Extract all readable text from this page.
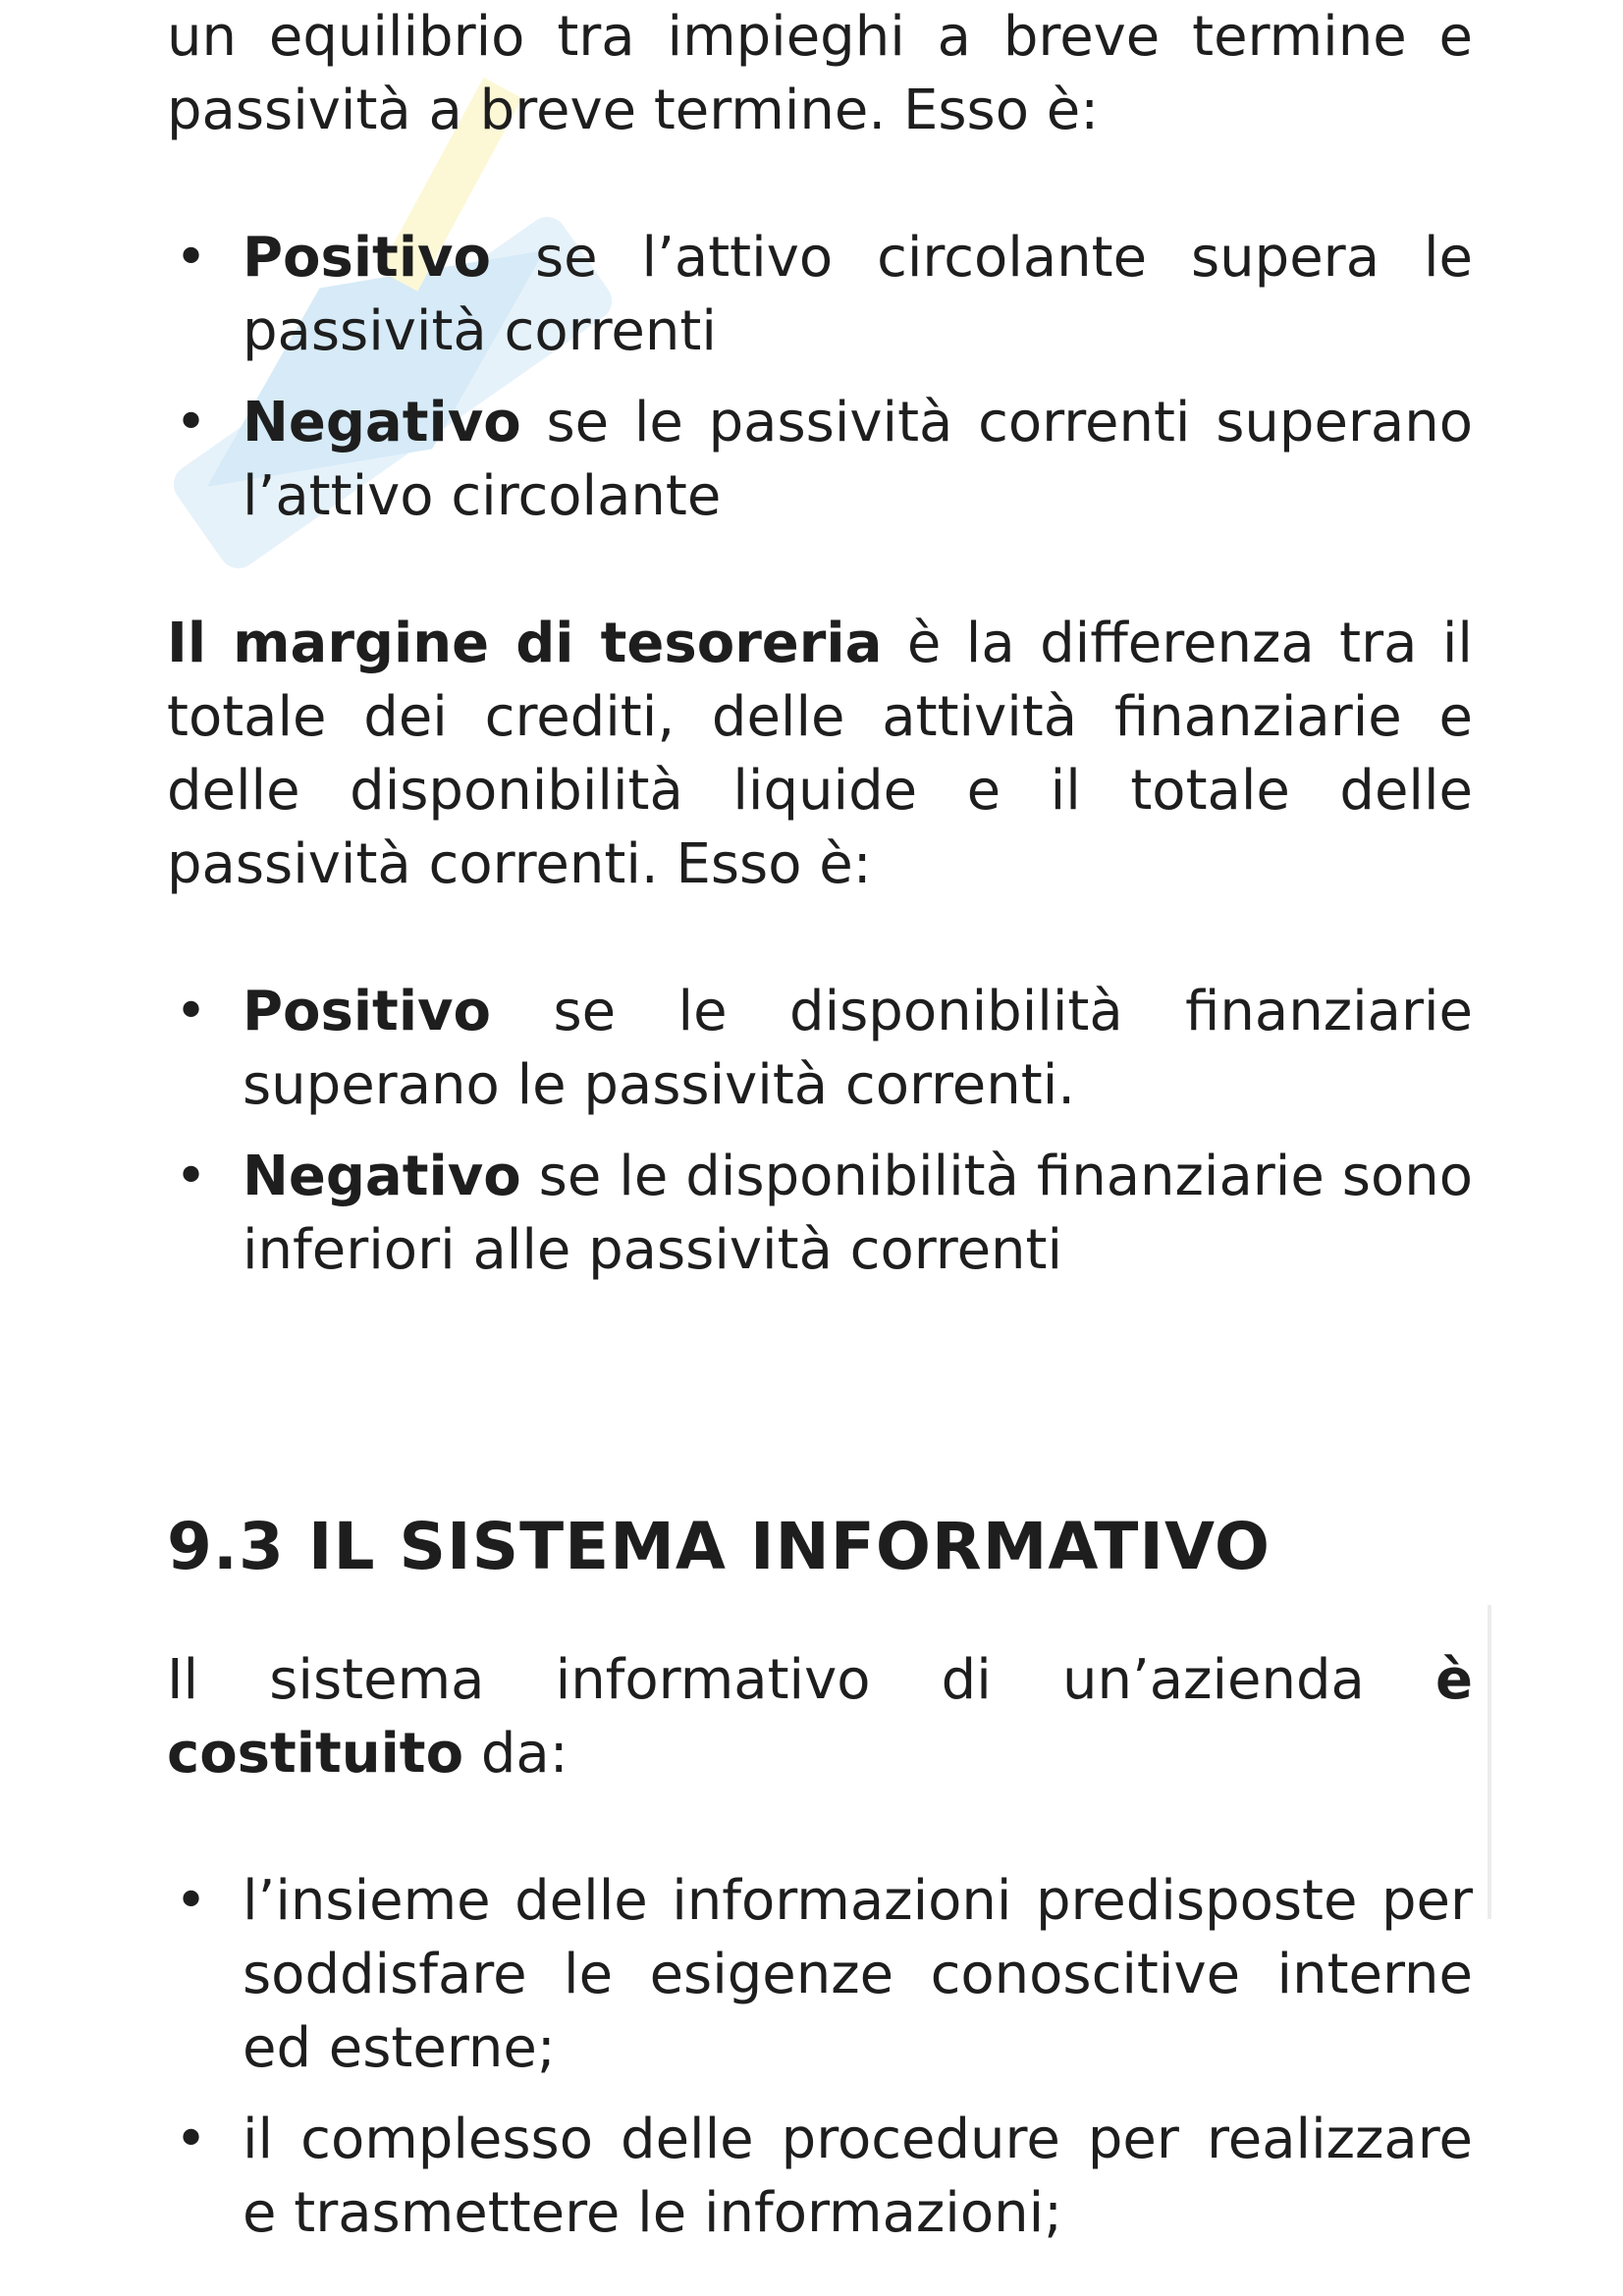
un equilibrio tra impieghi a breve termine e passività a breve termine. Esso è:

• Positivo se l’attivo circolante supera le passività correnti
• Negativo se le passività correnti superano l’attivo circolante

Il margine di tesoreria è la differenza tra il totale dei crediti, delle attività finanziarie e delle disponibilità liquide e il totale delle passività correnti. Esso è:

• Positivo se le disponibilità finanziarie superano le passività correnti.
• Negativo se le disponibilità finanziarie sono inferiori alle passività correnti
9.3 IL SISTEMA INFORMATIVO

Il sistema informativo di un’azienda è costituito da:

• l’insieme delle informazioni predisposte per soddisfare le esigenze conoscitive interne ed esterne;
• il complesso delle procedure per realizzare e trasmettere le informazioni;
